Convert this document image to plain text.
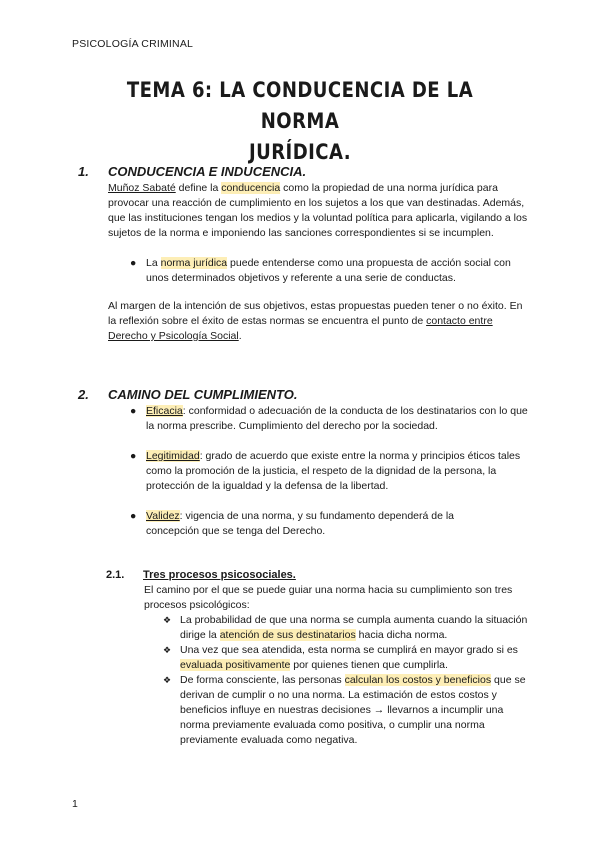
PSICOLOGÍA CRIMINAL
TEMA 6: LA CONDUCENCIA DE LA NORMA
JURÍDICA.
1. CONDUCENCIA E INDUCENCIA.

Muñoz Sabaté define la conducencia como la propiedad de una norma jurídica para provocar una reacción de cumplimiento en los sujetos a los que van destinadas. Además, que las instituciones tengan los medios y la voluntad política para aplicarla, vigilando a los sujetos de la norma e imponiendo las sanciones correspondientes si se incumplen.

● La norma jurídica puede entenderse como una propuesta de acción social con unos determinados objetivos y referente a una serie de conductas.

Al margen de la intención de sus objetivos, estas propuestas pueden tener o no éxito. En la reflexión sobre el éxito de estas normas se encuentra el punto de contacto entre Derecho y Psicología Social.

2. CAMINO DEL CUMPLIMIENTO.
● Eficacia: conformidad o adecuación de la conducta de los destinatarios con lo que la norma prescribe. Cumplimiento del derecho por la sociedad.
● Legitimidad: grado de acuerdo que existe entre la norma y principios éticos tales como la promoción de la justicia, el respeto de la dignidad de la persona, la protección de la igualdad y la defensa de la libertad.
● Validez: vigencia de una norma, y su fundamento dependerá de la concepción que se tenga del Derecho.
2.1. Tres procesos psicosociales.

El camino por el que se puede guiar una norma hacia su cumplimiento son tres procesos psicológicos:

❖ La probabilidad de que una norma se cumpla aumenta cuando la situación dirige la atención de sus destinatarios hacia dicha norma.
❖ Una vez que sea atendida, esta norma se cumplirá en mayor grado si es evaluada positivamente por quienes tienen que cumplirla.
❖ De forma consciente, las personas calculan los costos y beneficios que se derivan de cumplir o no una norma. La estimación de estos costos y beneficios influye en nuestras decisiones → llevarnos a incumplir una norma previamente evaluada como positiva, o cumplir una norma previamente evaluada como negativa.
1
